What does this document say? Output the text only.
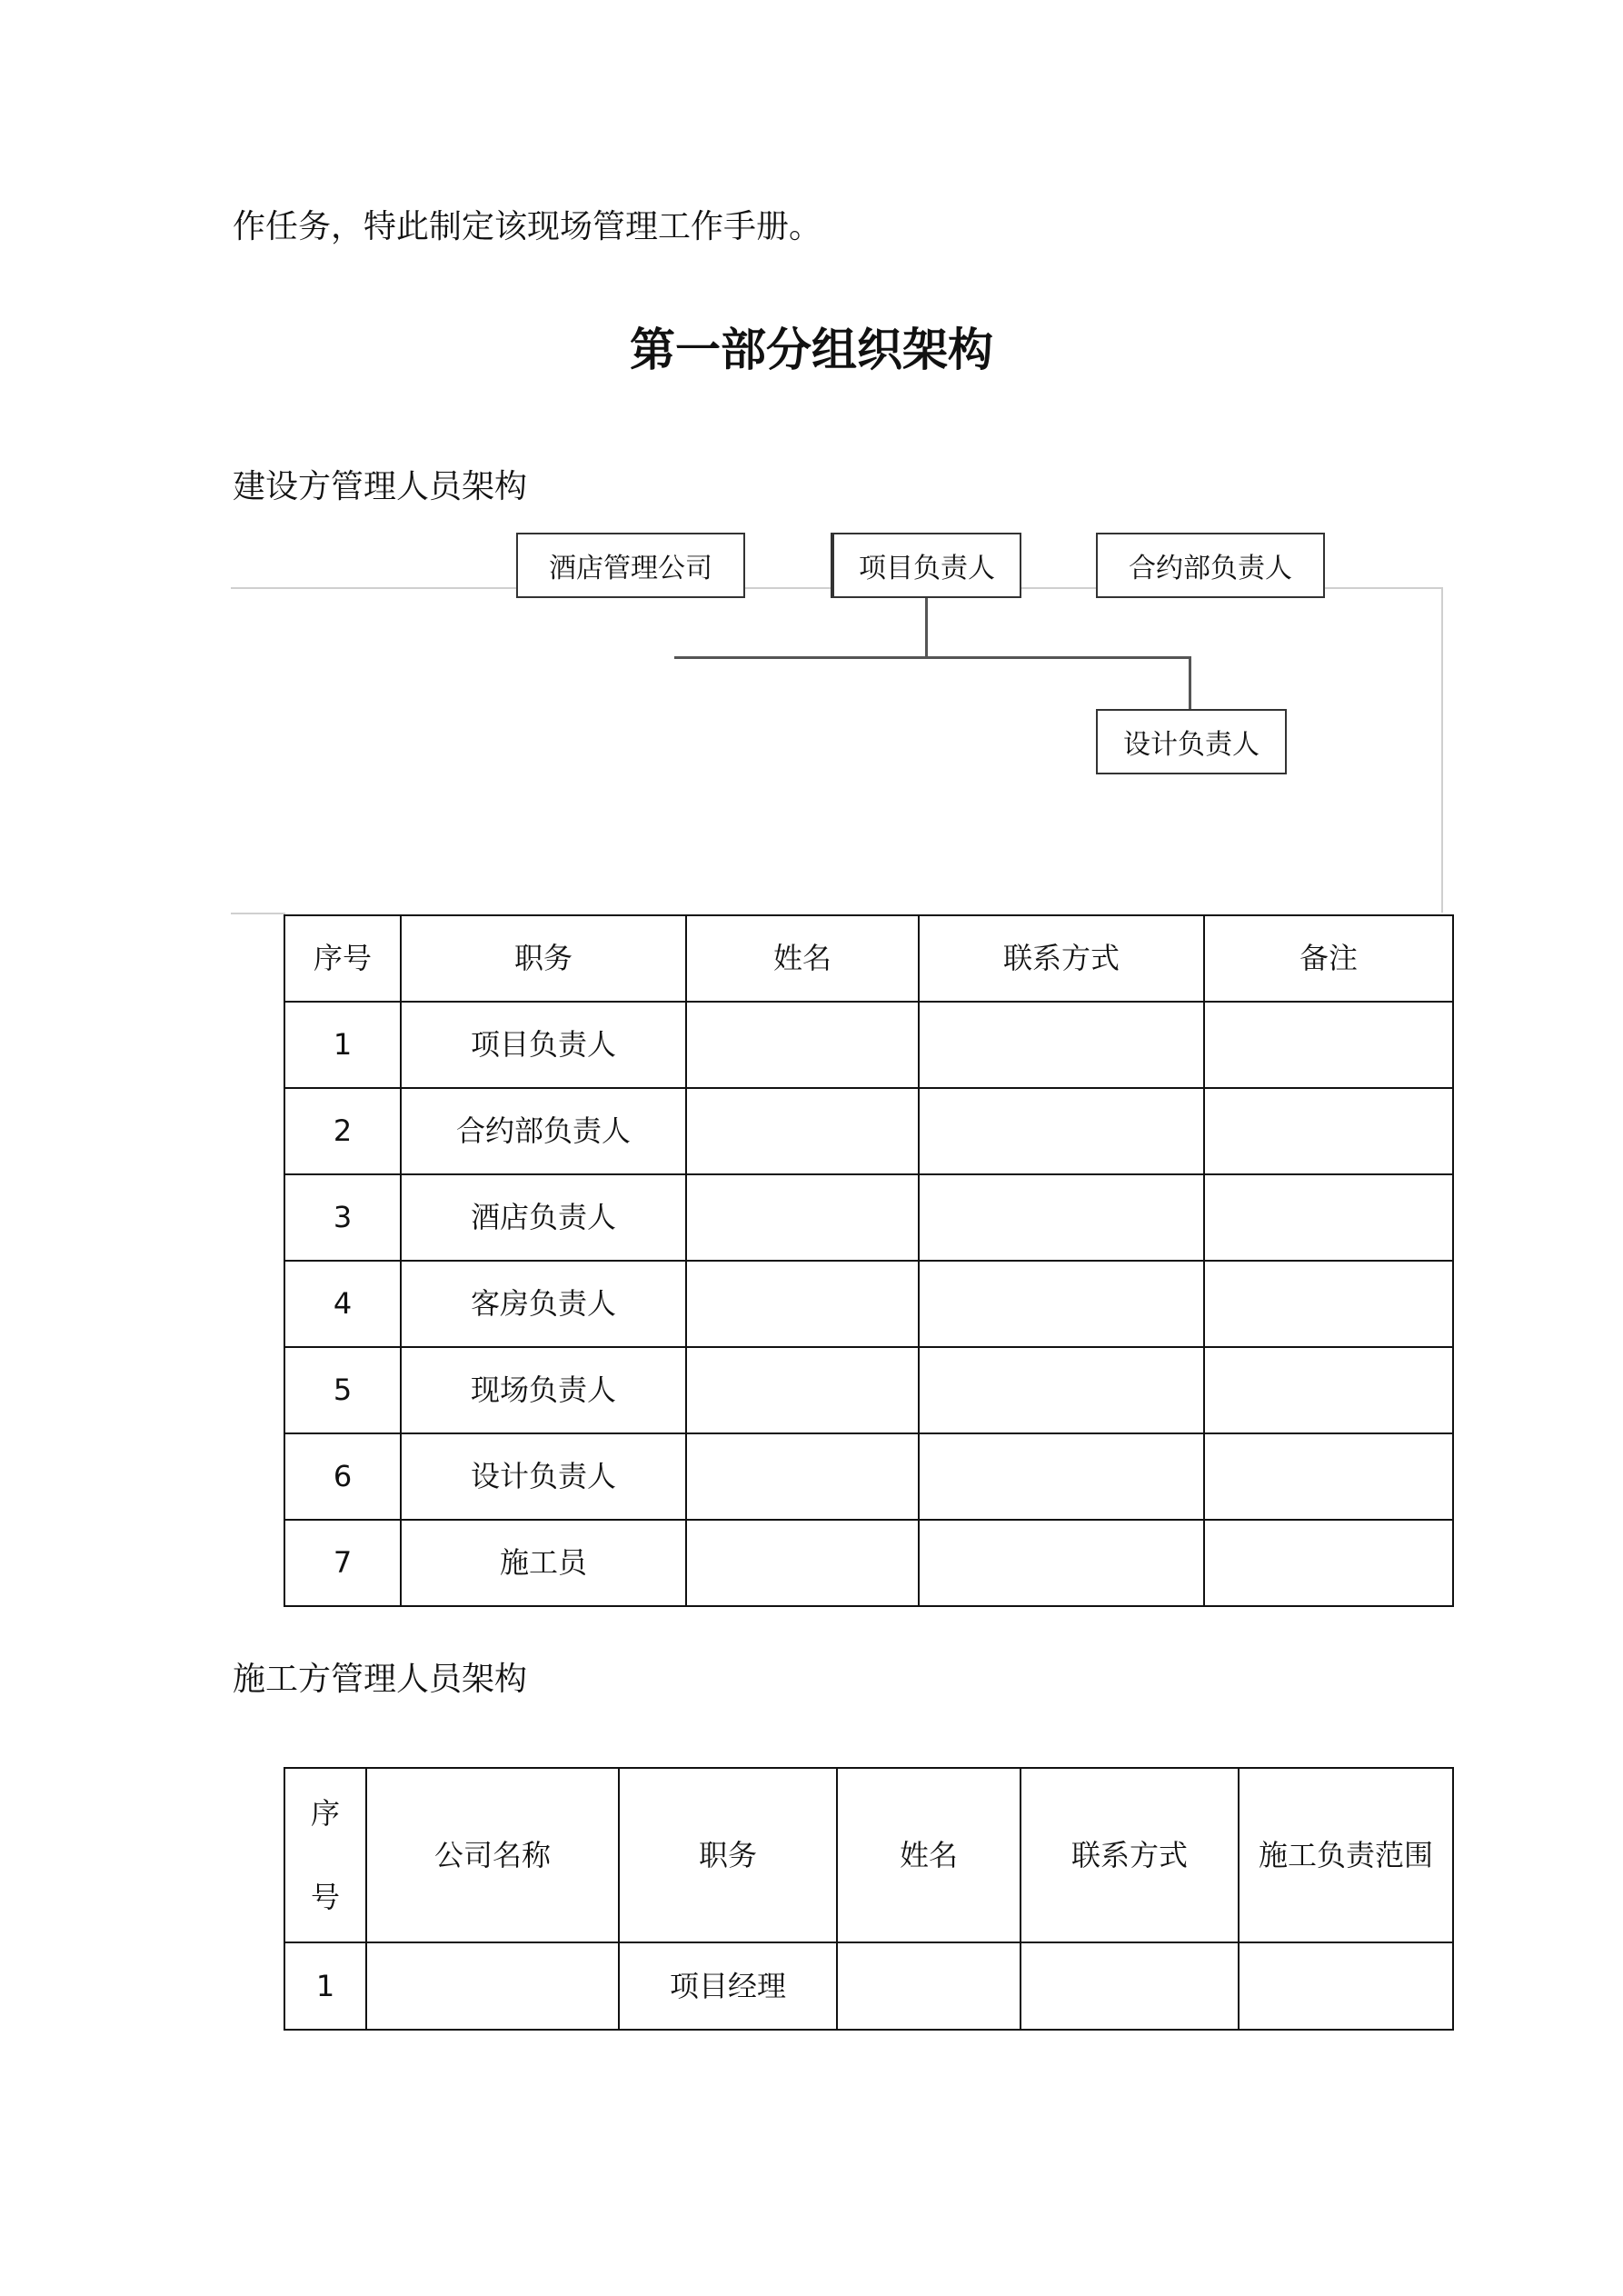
作任务，特此制定该现场管理工作手册。
第一部分组织架构
建设方管理人员架构
酒店管理公司	项目负责人	合约部负责人
设计负责人
序号	职务	姓名	联系方式	备注
1	项目负责人			
2	合约部负责人			
3	酒店负责人			
4	客房负责人			
5	现场负责人			
6	设计负责人			
7	施工员			
施工方管理人员架构
序
号	公司名称	职务	姓名	联系方式	施工负责范围
1		项目经理			
